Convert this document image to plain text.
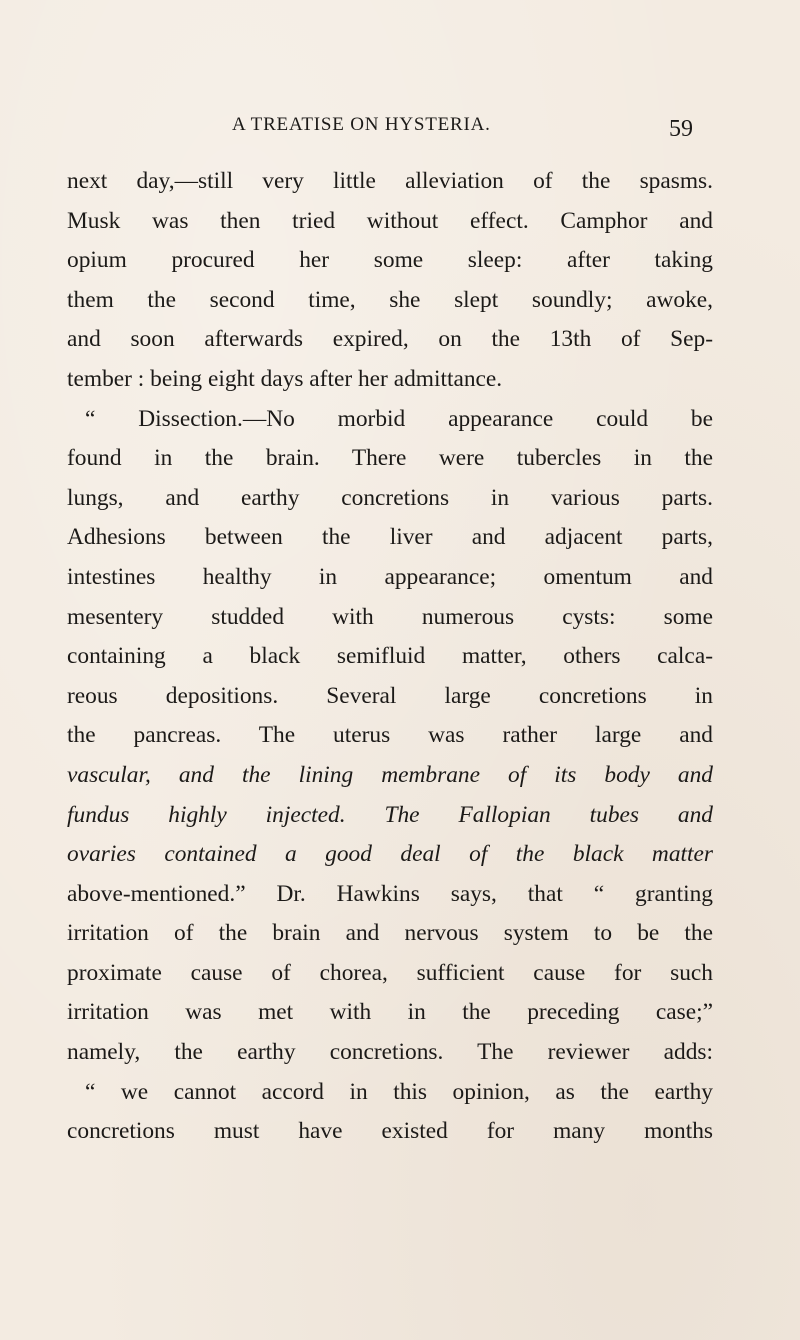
A TREATISE ON HYSTERIA.	59
next day,—still very little alleviation of the spasms.
Musk was then tried without effect. Camphor and
opium procured her some sleep: after taking
them the second time, she slept soundly; awoke,
and soon afterwards expired, on the 13th of Sep-
tember : being eight days after her admittance.
“ Dissection.—No morbid appearance could be
found in the brain. There were tubercles in the
lungs, and earthy concretions in various parts.
Adhesions between the liver and adjacent parts,
intestines healthy in appearance; omentum and
mesentery studded with numerous cysts: some
containing a black semifluid matter, others calca-
reous depositions. Several large concretions in
the pancreas. The uterus was rather large and
vascular, and the lining membrane of its body and
fundus highly injected. The Fallopian tubes and
ovaries contained a good deal of the black matter
above-mentioned.” Dr. Hawkins says, that “ granting
irritation of the brain and nervous system to be the
proximate cause of chorea, sufficient cause for such
irritation was met with in the preceding case;”
namely, the earthy concretions. The reviewer adds:
“ we cannot accord in this opinion, as the earthy
concretions must have existed for many months
